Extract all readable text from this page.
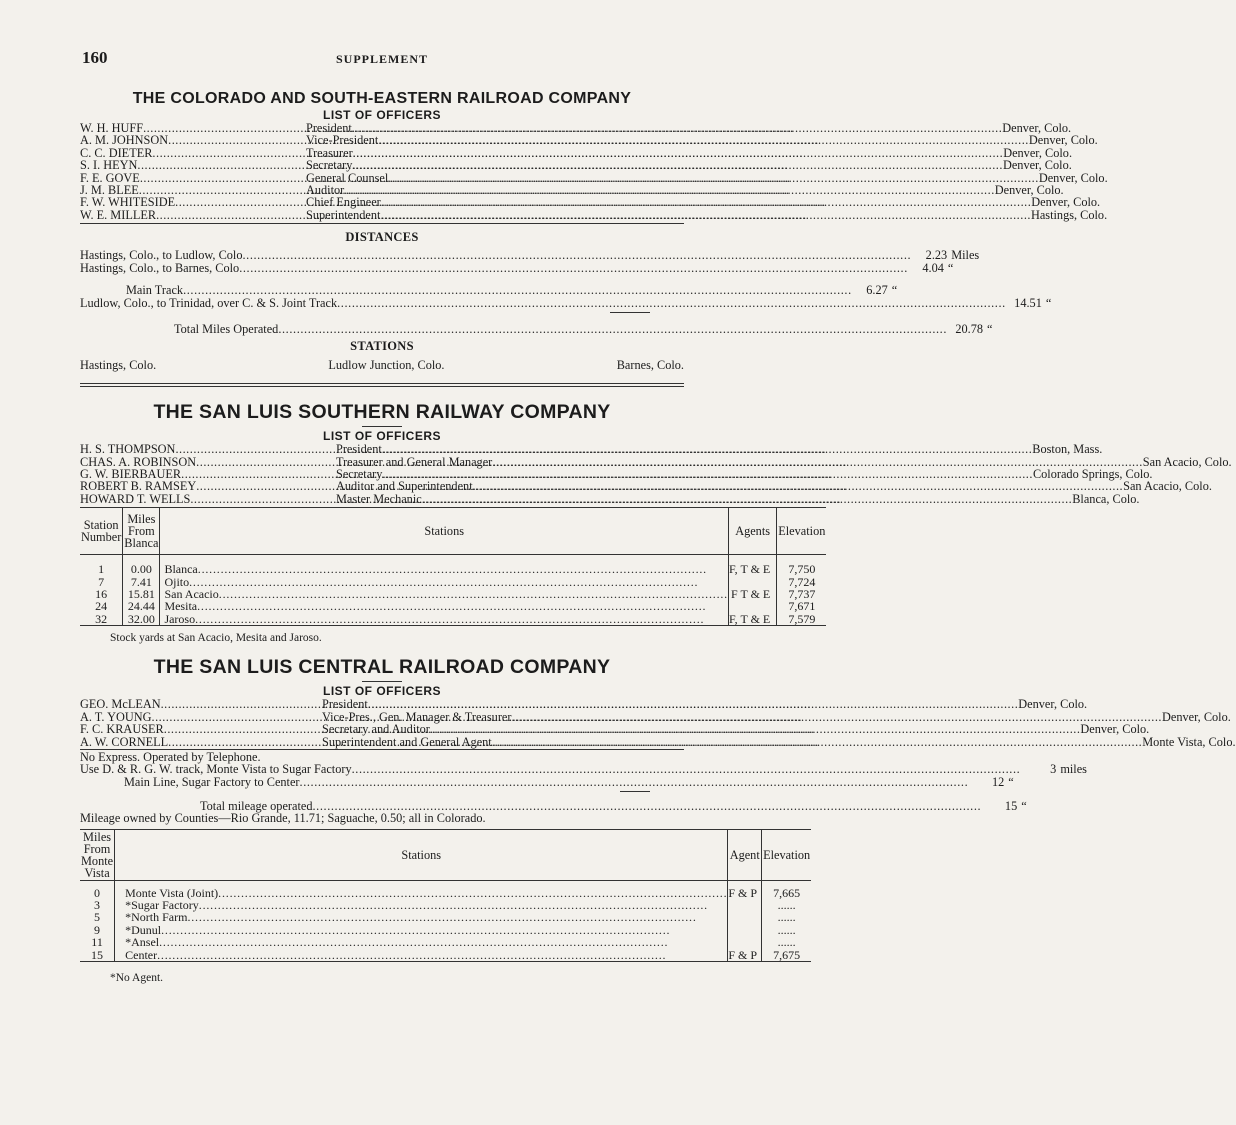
160	SUPPLEMENT
THE COLORADO AND SOUTH-EASTERN RAILROAD COMPANY
LIST OF OFFICERS
W. H. HUFF .....	President .....	Denver, Colo.
A. M. JOHNSON .....	Vice-President .....	Denver, Colo.
C. C. DIETER .....	Treasurer .....	Denver, Colo.
S. I. HEYN .....	Secretary .....	Denver, Colo.
F. E. GOVE .....	General Counsel .....	Denver, Colo.
J. M. BLEE .....	Auditor .....	Denver, Colo.
F. W. WHITESIDE .....	Chief Engineer .....	Denver, Colo.
W. E. MILLER .....	Superintendent .....	Hastings, Colo.
DISTANCES
Hastings, Colo., to Ludlow, Colo .....	2.23 Miles
Hastings, Colo., to Barnes, Colo .....	4.04 “
Main Track .....	6.27 “
Ludlow, Colo., to Trinidad, over C. & S. Joint Track .....	14.51 “
Total Miles Operated .....	20.78 “
STATIONS
Hastings, Colo.	Ludlow Junction, Colo.	Barnes, Colo.
THE SAN LUIS SOUTHERN RAILWAY COMPANY
LIST OF OFFICERS
H. S. THOMPSON .....	President .....	Boston, Mass.
CHAS. A. ROBINSON .....	Treasurer and General Manager .....	San Acacio, Colo.
G. W. BIERBAUER .....	Secretary .....	Colorado Springs, Colo.
ROBERT B. RAMSEY .....	Auditor and Superintendent .....	San Acacio, Colo.
HOWARD T. WELLS .....	Master Mechanic .....	Blanca, Colo.
Station Number	Miles From Blanca	Stations	Agents	Elevation

1	0.00	Blanca .....	F, T & E	7,750
7	7.41	Ojito .....		7,724
16	15.81	San Acacio .....	F T & E	7,737
24	24.44	Mesita .....		7,671
32	32.00	Jaroso .....	F, T & E	7,579
Stock yards at San Acacio, Mesita and Jaroso.
THE SAN LUIS CENTRAL RAILROAD COMPANY
LIST OF OFFICERS
GEO. McLEAN .....	President .....	Denver, Colo.
A. T. YOUNG .....	Vice-Pres., Gen. Manager & Treasurer .....	Denver, Colo.
F. C. KRAUSER .....	Secretary and Auditor .....	Denver, Colo.
A. W. CORNELL .....	Superintendent and General Agent .....	Monte Vista, Colo.
No Express. Operated by Telephone.
Use D. & R. G. W. track, Monte Vista to Sugar Factory .....	3 miles
Main Line, Sugar Factory to Center .....	12 “
Total mileage operated .....	15 “
Mileage owned by Counties—Rio Grande, 11.71; Saguache, 0.50; all in Colorado.
Miles From Monte Vista	Stations	Agent	Elevation

0	Monte Vista (Joint) .....	F & P	7,665
3	*Sugar Factory .....		......
5	*North Farm .....		......
9	*Dunul .....		......
11	*Ansel .....		......
15	Center .....	F & P	7,675
*No Agent.
